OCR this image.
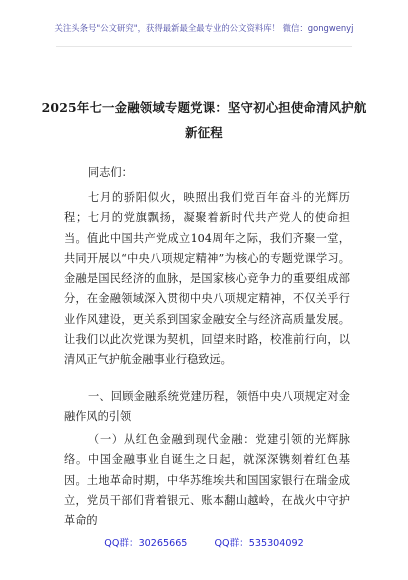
关注头条号"公文研究"，获得最新最全最专业的公文资料库！ 微信：gongwenyj
2025年七一金融领域专题党课：坚守初心担使命清风护航
新征程

同志们：

七月的骄阳似火，映照出我们党百年奋斗的光辉历程；七月的党旗飘扬，凝聚着新时代共产党人的使命担当。值此中国共产党成立104周年之际，我们齐聚一堂，共同开展以“中央八项规定精神”为核心的专题党课学习。金融是国民经济的血脉，是国家核心竞争力的重要组成部分，在金融领域深入贯彻中央八项规定精神，不仅关乎行业作风建设，更关系到国家金融安全与经济高质量发展。让我们以此次党课为契机，回望来时路，校准前行向，以清风正气护航金融事业行稳致远。

一、回顾金融系统党建历程，领悟中央八项规定对金融作风的引领

（一）从红色金融到现代金融：党建引领的光辉脉络。中国金融事业自诞生之日起，就深深镌刻着红色基因。土地革命时期，中华苏维埃共和国国家银行在瑞金成立，党员干部们背着银元、账本翻山越岭，在战火中守护革命的

QQ群：30265665	QQ群：535304092
